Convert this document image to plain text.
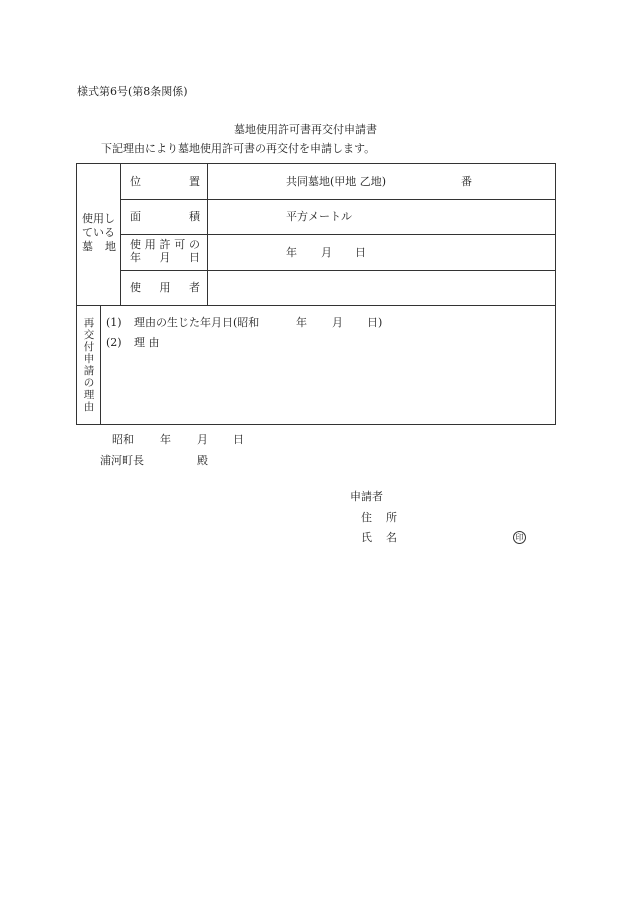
様式第6号(第8条関係)
墓地使用許可書再交付申請書
下記理由により墓地使用許可書の再交付を申請します。
使用し
ている
墓 地
位	置	共同墓地(甲地 乙地)	番
面	積	平方メートル
使 用 許 可 の
年 月 日	年 月 日
使 用 者
再
交
付
申
請
の
理
由
(1) 理由の生じた年月日(昭和	年 月 日)
(2) 理 由
昭和 年 月 日
浦河町長	殿
申請者
住 所
氏 名	印
